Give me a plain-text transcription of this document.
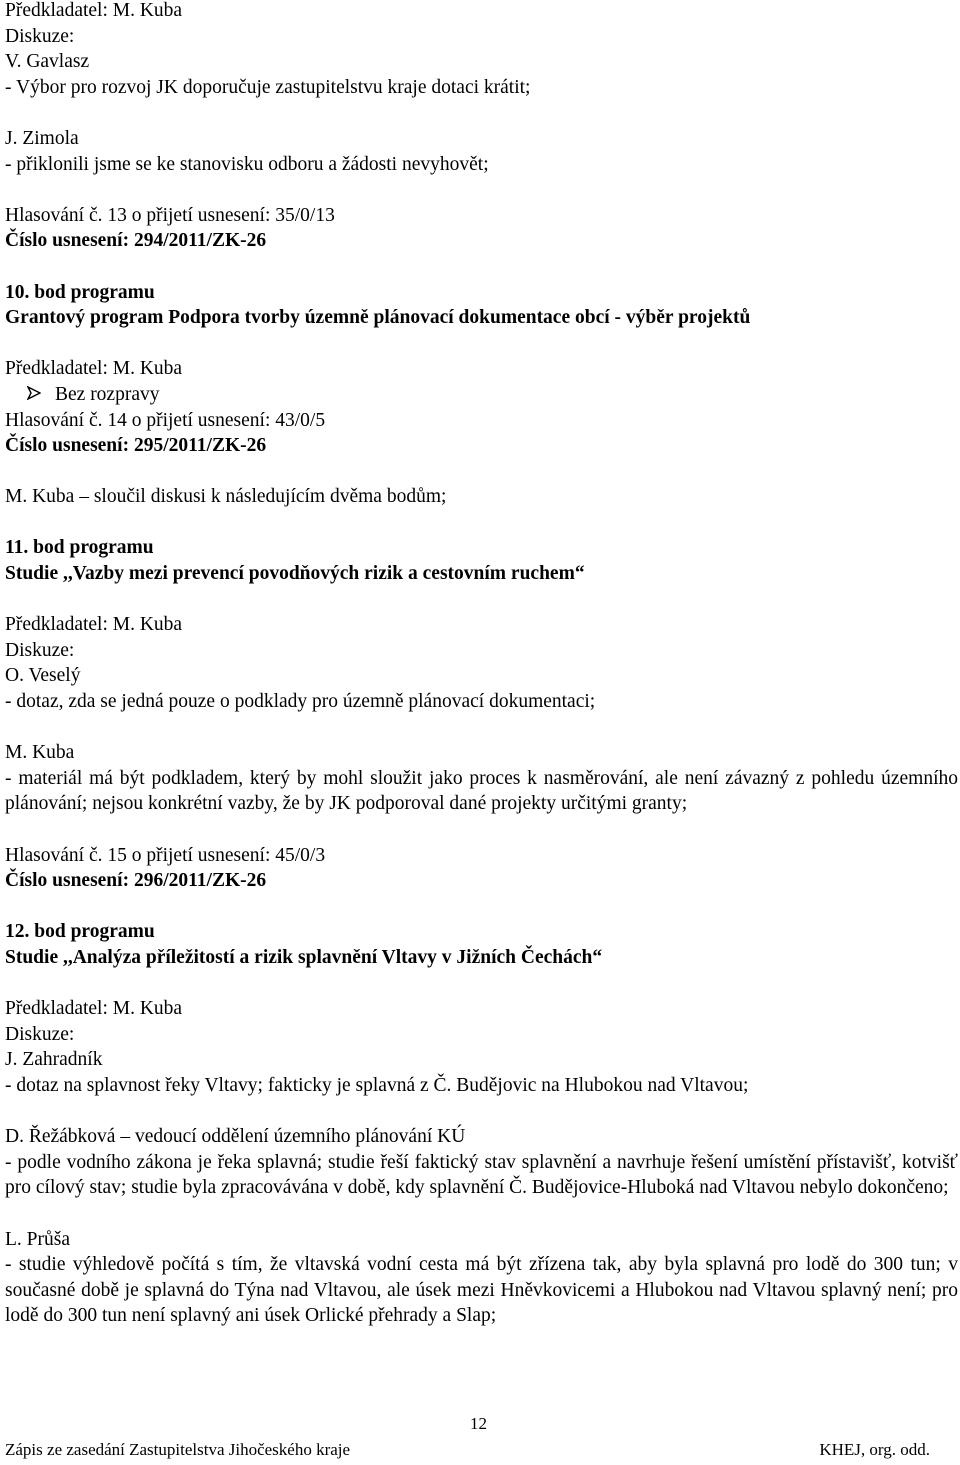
Předkladatel: M. Kuba

Diskuze:

V. Gavlasz

- Výbor pro rozvoj JK doporučuje zastupitelstvu kraje dotaci krátit;

J. Zimola

- přiklonili jsme se ke stanovisku odboru a žádosti nevyhovět;

Hlasování č. 13 o přijetí usnesení: 35/0/13

Číslo usnesení: 294/2011/ZK-26

10. bod programu

Grantový program Podpora tvorby územně plánovací dokumentace obcí - výběr projektů

Předkladatel: M. Kuba

Bez rozpravy

Hlasování č. 14 o přijetí usnesení: 43/0/5

Číslo usnesení: 295/2011/ZK-26

M. Kuba – sloučil diskusi k následujícím dvěma bodům;

11. bod programu

Studie ,,Vazby mezi prevencí povodňových rizik a cestovním ruchem“

Předkladatel: M. Kuba

Diskuze:

O. Veselý

- dotaz, zda se jedná pouze o podklady pro územně plánovací dokumentaci;

M. Kuba

- materiál má být podkladem, který by mohl sloužit jako proces k nasměrování, ale není závazný z pohledu územního plánování; nejsou konkrétní vazby, že by JK podporoval dané projekty určitými granty;

Hlasování č. 15 o přijetí usnesení: 45/0/3

Číslo usnesení: 296/2011/ZK-26

12. bod programu

Studie ,,Analýza příležitostí a rizik splavnění Vltavy v Jižních Čechách“

Předkladatel: M. Kuba

Diskuze:

J. Zahradník

- dotaz na splavnost řeky Vltavy; fakticky je splavná z Č. Budějovic na Hlubokou nad Vltavou;

D. Řežábková – vedoucí oddělení územního plánování KÚ

- podle vodního zákona je řeka splavná; studie řeší faktický stav splavnění a navrhuje řešení umístění přístavišť, kotvišť pro cílový stav; studie byla zpracovávána v době, kdy splavnění Č. Budějovice-Hluboká nad Vltavou nebylo dokončeno;

L. Průša

- studie výhledově počítá s tím, že vltavská vodní cesta má být zřízena tak, aby byla splavná pro lodě do 300 tun; v současné době je splavná do Týna nad Vltavou, ale úsek mezi Hněvkovicemi a Hlubokou nad Vltavou splavný není; pro lodě do 300 tun není splavný ani úsek Orlické přehrady a Slap;

12
Zápis ze zasedání Zastupitelstva Jihočeského kraje	KHEJ, org. odd.
